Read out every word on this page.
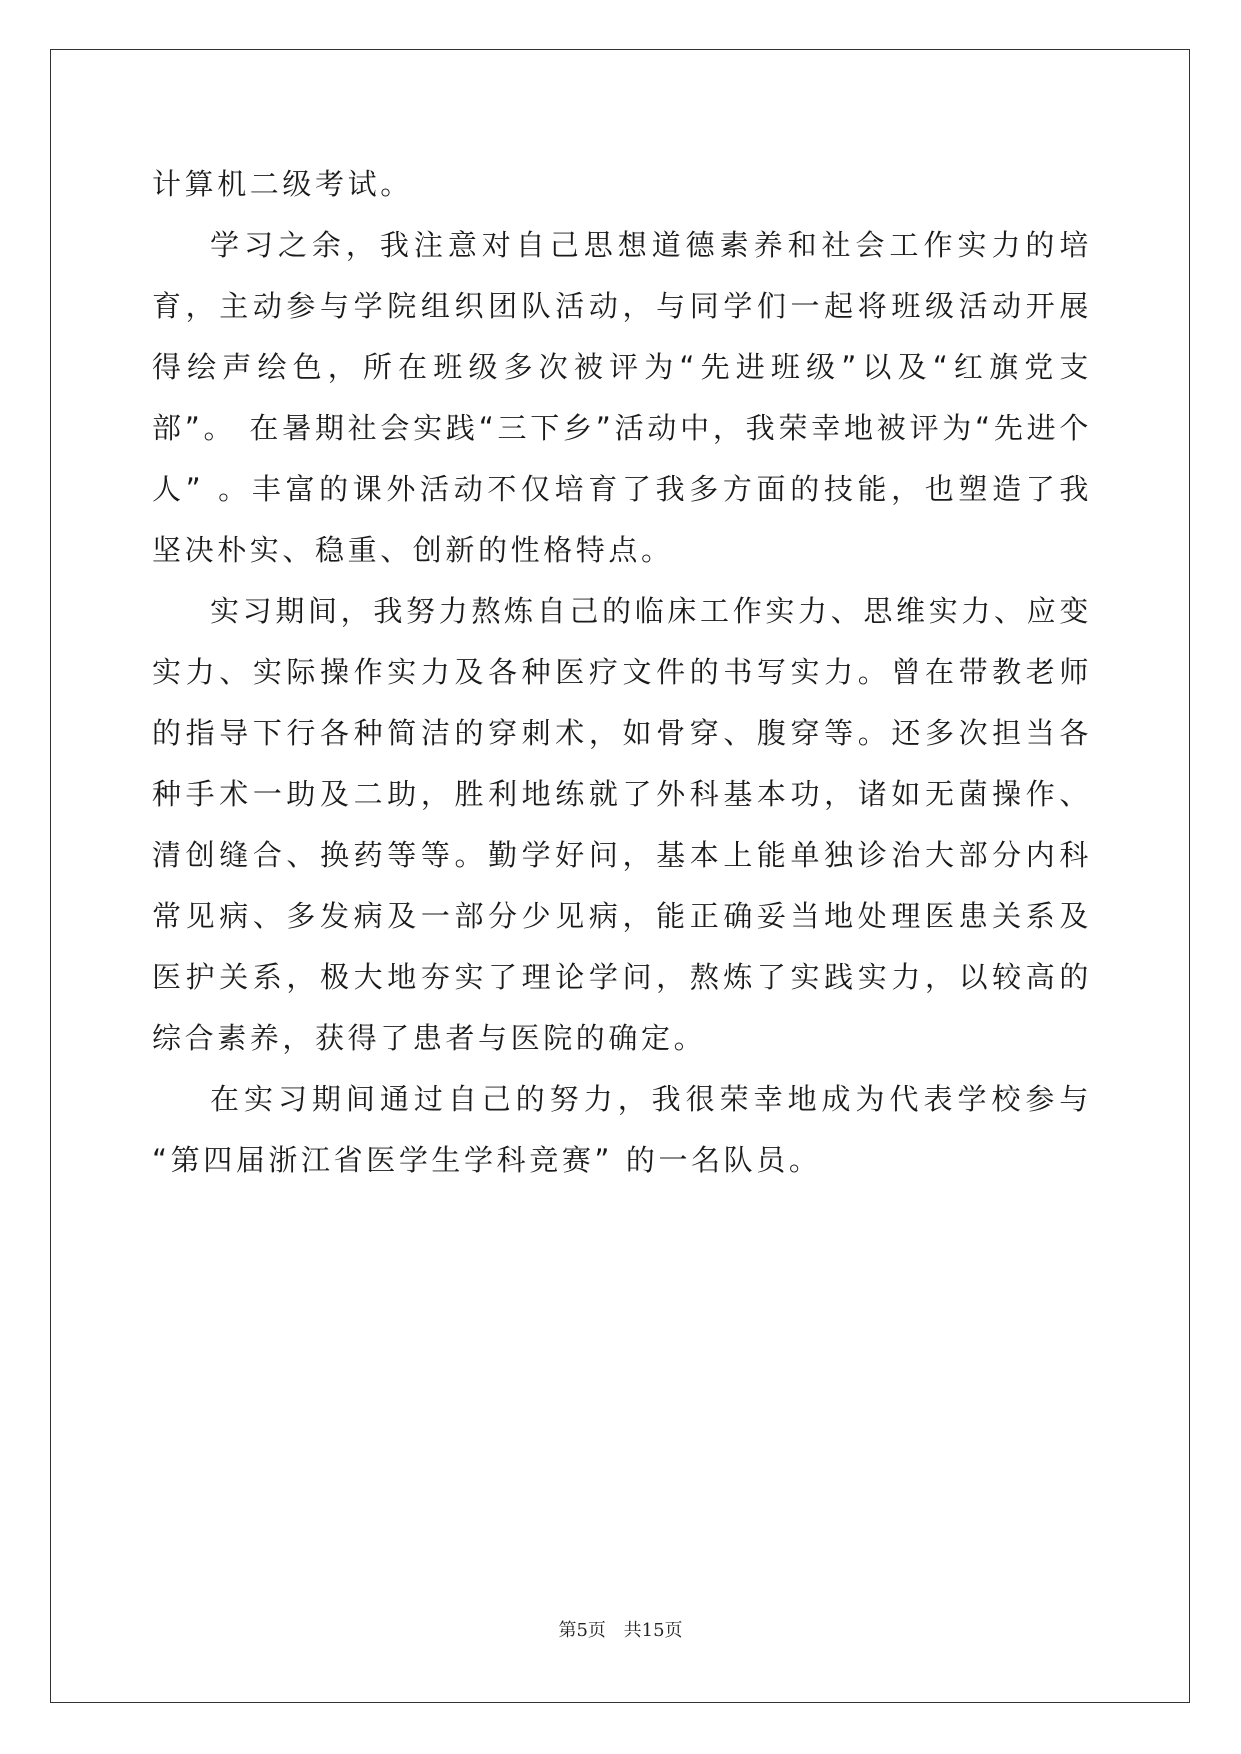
计算机二级考试。

学习之余，我注意对自己思想道德素养和社会工作实力的培育，主动参与学院组织团队活动，与同学们一起将班级活动开展得绘声绘色，所在班级多次被评为“先进班级”以及“红旗党支部”。 在暑期社会实践“三下乡”活动中，我荣幸地被评为“先进个人” 。丰富的课外活动不仅培育了我多方面的技能，也塑造了我坚决朴实、稳重、创新的性格特点。

实习期间，我努力熬炼自己的临床工作实力、思维实力、应变实力、实际操作实力及各种医疗文件的书写实力。曾在带教老师的指导下行各种简洁的穿刺术，如骨穿、腹穿等。还多次担当各种手术一助及二助，胜利地练就了外科基本功，诸如无菌操作、清创缝合、换药等等。勤学好问，基本上能单独诊治大部分内科常见病、多发病及一部分少见病，能正确妥当地处理医患关系及医护关系，极大地夯实了理论学问，熬炼了实践实力，以较高的综合素养，获得了患者与医院的确定。

在实习期间通过自己的努力，我很荣幸地成为代表学校参与 “第四届浙江省医学生学科竞赛” 的一名队员。

第5页 共15页
